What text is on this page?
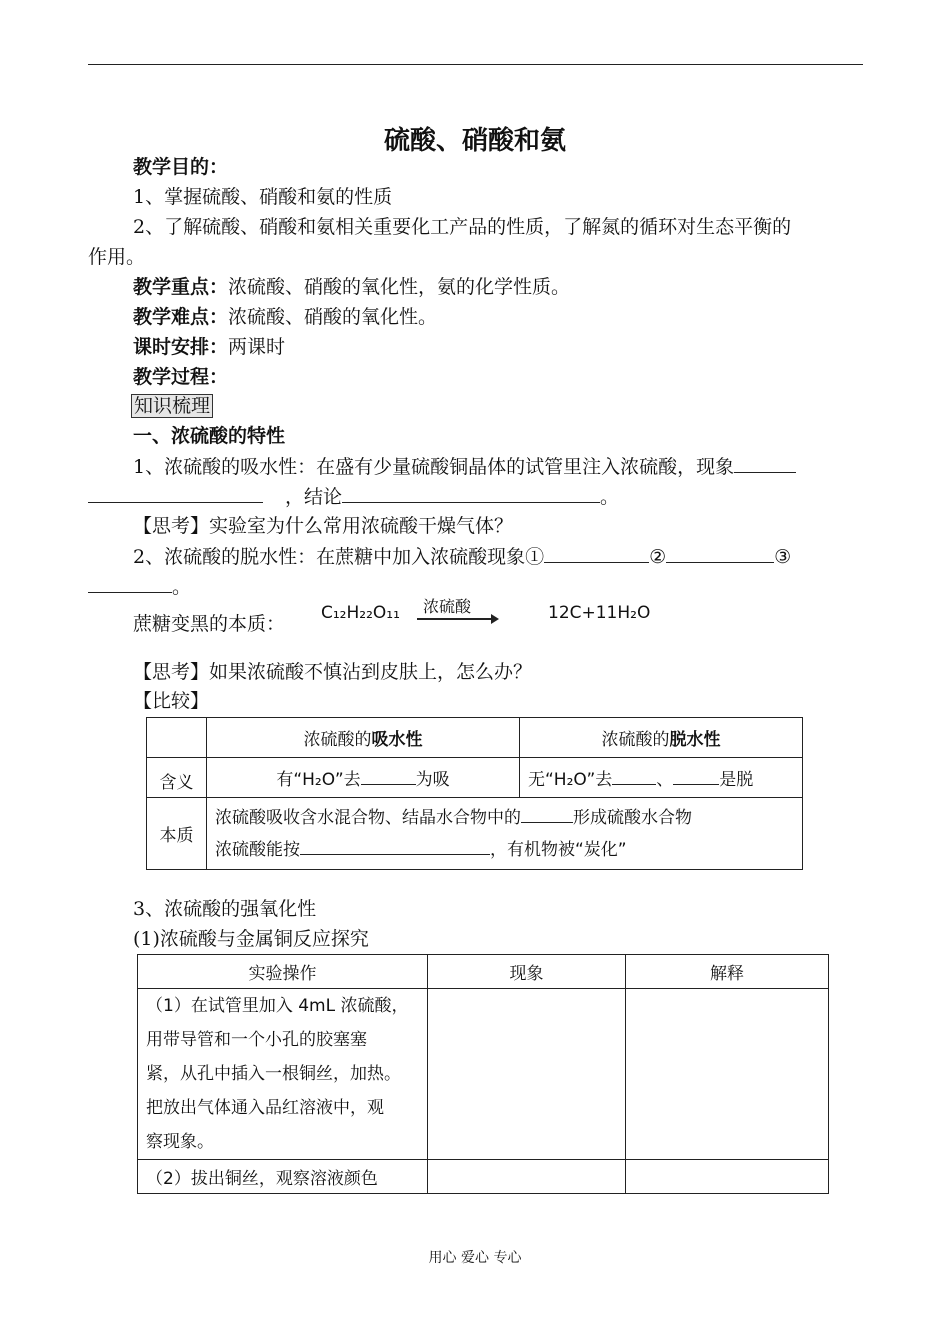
硫酸、硝酸和氨
教学目的：
1、掌握硫酸、硝酸和氨的性质
2、了解硫酸、硝酸和氨相关重要化工产品的性质，了解氮的循环对生态平衡的
作用。
教学重点：浓硫酸、硝酸的氧化性，氨的化学性质。
教学难点：浓硫酸、硝酸的氧化性。
课时安排：两课时
教学过程：
知识梳理
一、浓硫酸的特性
1、浓硫酸的吸水性：在盛有少量硫酸铜晶体的试管里注入浓硫酸，现象
，结论	。
【思考】实验室为什么常用浓硫酸干燥气体？
2、浓硫酸的脱水性：在蔗糖中加入浓硫酸现象①	②	③
。
蔗糖变黑的本质： C₁₂H₂₂O₁₁ 浓硫酸	12C+11H₂O
【思考】如果浓硫酸不慎沾到皮肤上，怎么办？
【比较】
	浓硫酸的吸水性	浓硫酸的脱水性
含义	有“H₂O”去 为吸	无“H₂O”去 、 是脱
本质	浓硫酸吸收含水混合物、结晶水合物中的 形成硫酸水合物
浓硫酸能按 ，有机物被“炭化”	
3、浓硫酸的强氧化性
(1)浓硫酸与金属铜反应探究
实验操作	现象	解释

（1）在试管里加入 4mL 浓硫酸，
用带导管和一个小孔的胶塞塞
紧，从孔中插入一根铜丝，加热。
把放出气体通入品红溶液中，观
察现象。		

（2）拔出铜丝，观察溶液颜色		
用心 爱心 专心
